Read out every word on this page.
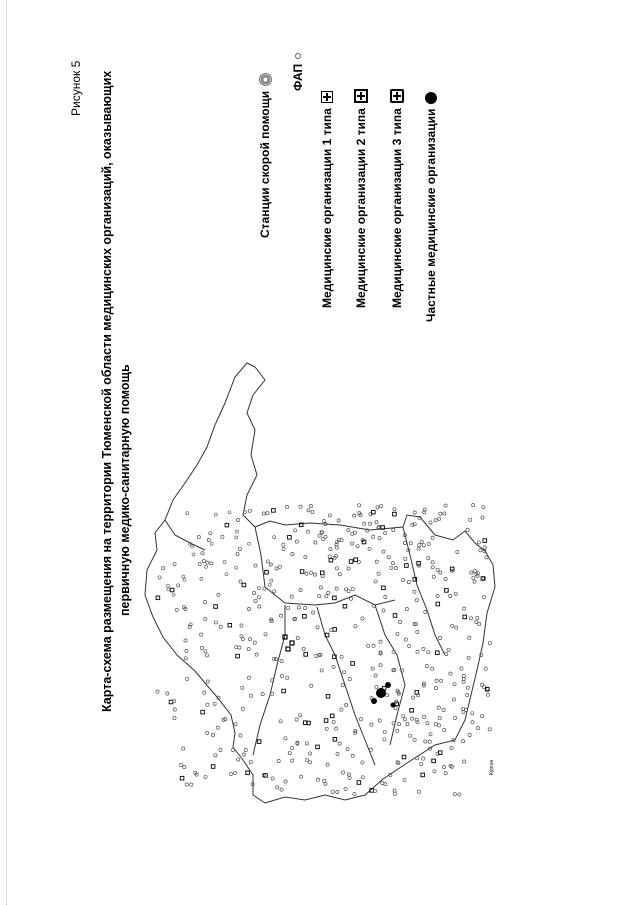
Рисунок 5 Карта-схема размещения на территории Тюменской области медицинских организаций, оказывающих первичную медико-санитарную помощь
Станции скорой помощи
ФАП
Медицинские организации 1 типа Медицинские организации 2 типа Медицинские организации 3 типа Частные медицинские организации
Курган
